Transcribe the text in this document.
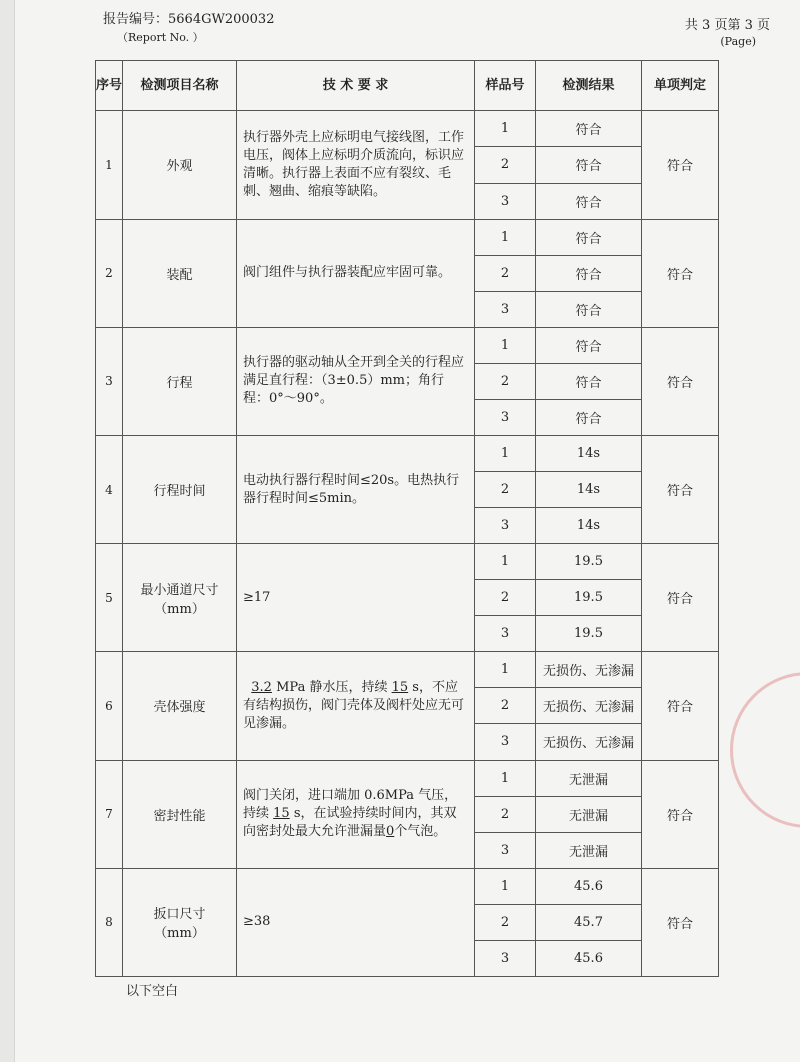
报告编号：5664GW200032
（Report No. ）
共 3 页第 3 页
(Page)
序号	检测项目名称	技 术 要 求	样品号	检测结果	单项判定
1	外观	执行器外壳上应标明电气接线图，工作电压，阀体上应标明介质流向，标识应清晰。执行器上表面不应有裂纹、毛刺、翘曲、缩痕等缺陷。	1	符合	符合
			2	符合	
			3	符合	
2	装配	阀门组件与执行器装配应牢固可靠。	1	符合	符合
			2	符合	
			3	符合	
3	行程	执行器的驱动轴从全开到全关的行程应满足直行程：（3±0.5）mm；角行程：0°～90°。	1	符合	符合
			2	符合	
			3	符合	
4	行程时间	电动执行器行程时间≤20s。电热执行器行程时间≤5min。	1	14s	符合
			2	14s	
			3	14s	
5	最小通道尺寸
（mm）	≥17	1	19.5	符合
			2	19.5	
			3	19.5	
6	壳体强度	3.2 MPa 静水压，持续 15 s，不应有结构损伤，阀门壳体及阀杆处应无可见渗漏。	1	无损伤、无渗漏	符合
			2	无损伤、无渗漏	
			3	无损伤、无渗漏	
7	密封性能	阀门关闭，进口端加 0.6MPa 气压，持续 15 s，在试验持续时间内，其双向密封处最大允许泄漏量0个气泡。	1	无泄漏	符合
			2	无泄漏	
			3	无泄漏	
8	扳口尺寸
（mm）	≥38	1	45.6	符合
			2	45.7	
			3	45.6	
以下空白
